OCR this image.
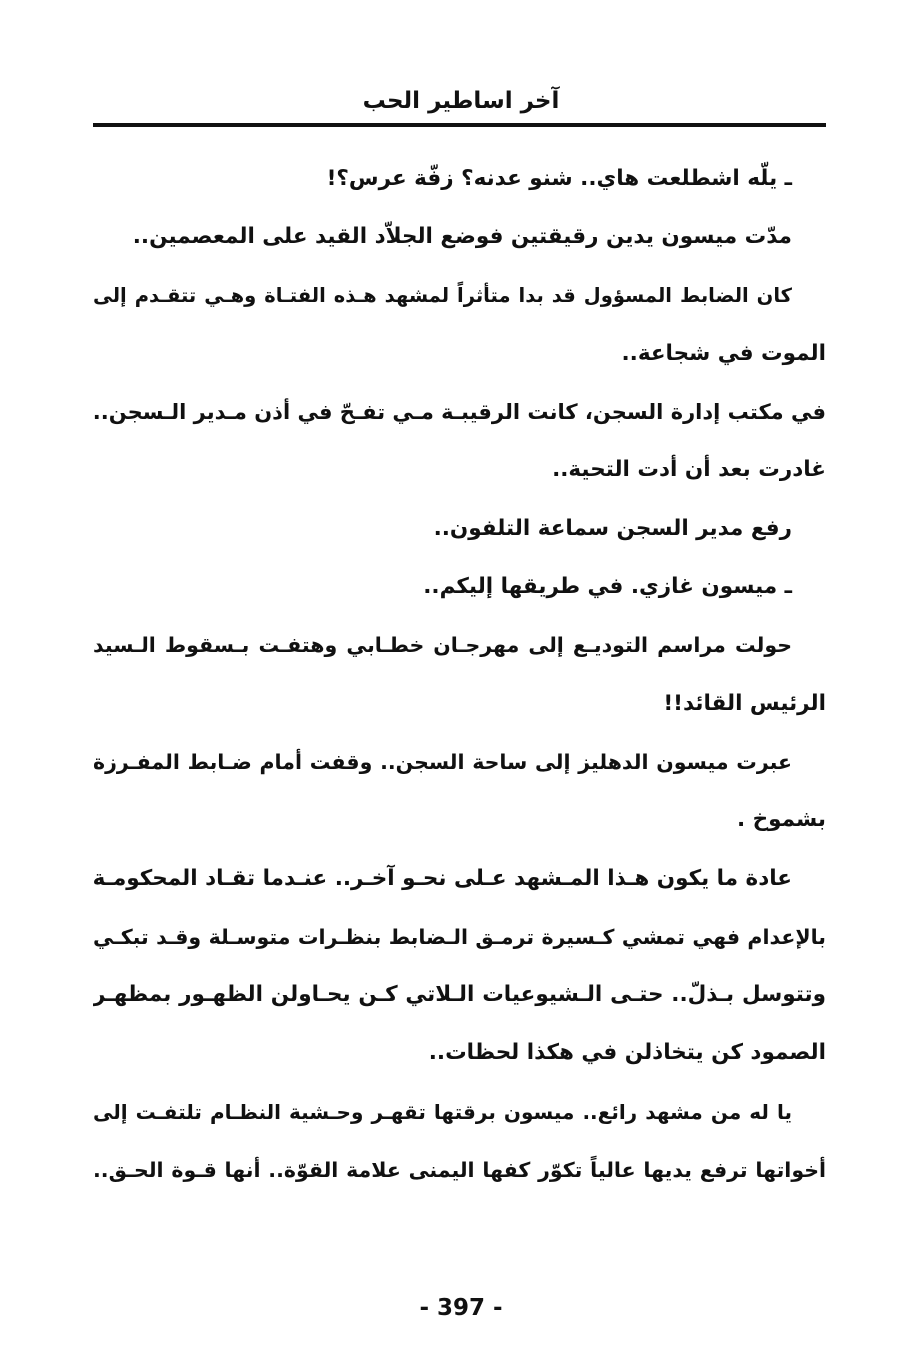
آخر اساطير الحب
ـ يلّه اشطلعت هاي.. شنو عدنه؟ زفّة عرس؟!
مدّت ميسون يدين رقيقتين فوضع الجلاّد القيد على المعصمين..
كان الضابط المسؤول قد بدا متأثراً لمشهد هـذه الفتـاة وهـي تتقـدم إلى
الموت في شجاعة..
في مكتب إدارة السجن، كانت الرقيبـة مـي تفـحّ في أذن مـدير الـسجن..
غادرت بعد أن أدت التحية..
رفع مدير السجن سماعة التلفون..
ـ ميسون غازي. في طريقها إليكم..
حولت مراسم التوديـع إلى مهرجـان خطـابي وهتفـت بـسقوط الـسيد
الرئيس القائد!!
عبرت ميسون الدهليز إلى ساحة السجن.. وقفت أمام ضـابط المفـرزة
بشموخ .
عادة ما يكون هـذا المـشهد عـلى نحـو آخـر.. عنـدما تقـاد المحكومـة
بالإعدام فهي تمشي كـسيرة ترمـق الـضابط بنظـرات متوسـلة وقـد تبكـي
وتتوسل بـذلّ.. حتـى الـشيوعيات الـلاتي كـن يحـاولن الظهـور بمظهـر
الصمود كن يتخاذلن في هكذا لحظات..
يا له من مشهد رائع.. ميسون برقتها تقهـر وحـشية النظـام تلتفـت إلى
أخواتها ترفع يديها عالياً تكوّر كفها اليمنى علامة القوّة.. أنها قـوة الحـق..
- 397 -
